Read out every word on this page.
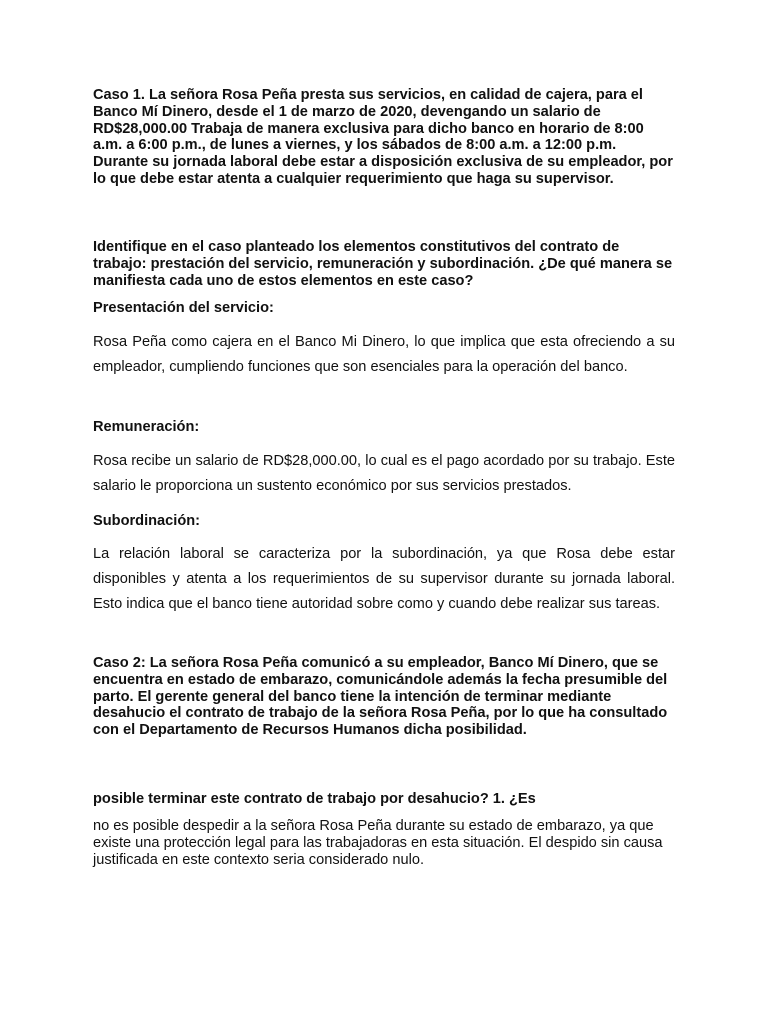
Caso 1. La señora Rosa Peña presta sus servicios, en calidad de cajera, para el Banco Mí Dinero, desde el 1 de marzo de 2020, devengando un salario de RD$28,000.00 Trabaja de manera exclusiva para dicho banco en horario de 8:00 a.m. a 6:00 p.m., de lunes a viernes, y los sábados de 8:00 a.m. a 12:00 p.m. Durante su jornada laboral debe estar a disposición exclusiva de su empleador, por lo que debe estar atenta a cualquier requerimiento que haga su supervisor.

Identifique en el caso planteado los elementos constitutivos del contrato de trabajo: prestación del servicio, remuneración y subordinación. ¿De qué manera se manifiesta cada uno de estos elementos en este caso?

Presentación del servicio:

Rosa Peña como cajera en el Banco Mi Dinero, lo que implica que esta ofreciendo a su empleador, cumpliendo funciones que son esenciales para la operación del banco.

Remuneración:

Rosa recibe un salario de RD$28,000.00, lo cual es el pago acordado por su trabajo. Este salario le proporciona un sustento económico por sus servicios prestados.

Subordinación:

La relación laboral se caracteriza por la subordinación, ya que Rosa debe estar disponibles y atenta a los requerimientos de su supervisor durante su jornada laboral. Esto indica que el banco tiene autoridad sobre como y cuando debe realizar sus tareas.

Caso 2: La señora Rosa Peña comunicó a su empleador, Banco Mí Dinero, que se encuentra en estado de embarazo, comunicándole además la fecha presumible del parto. El gerente general del banco tiene la intención de terminar mediante desahucio el contrato de trabajo de la señora Rosa Peña, por lo que ha consultado con el Departamento de Recursos Humanos dicha posibilidad.

posible terminar este contrato de trabajo por desahucio? 1. ¿Es

no es posible despedir a la señora Rosa Peña durante su estado de embarazo, ya que existe una protección legal para las trabajadoras en esta situación. El despido sin causa justificada en este contexto seria considerado nulo.
